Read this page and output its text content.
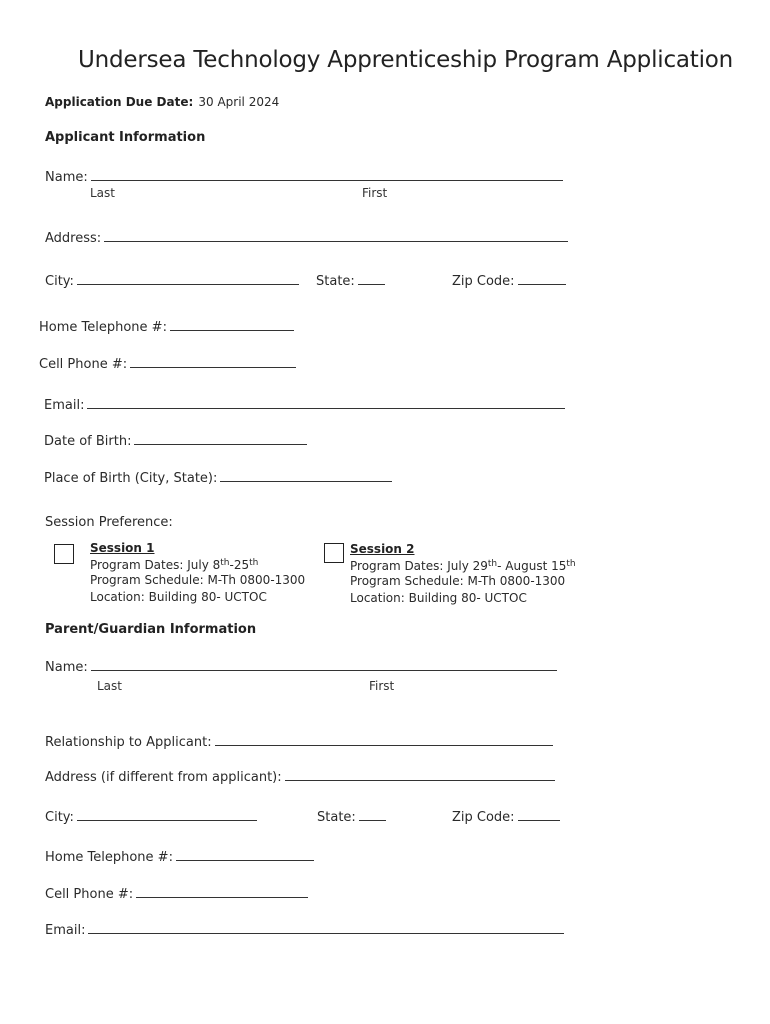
Undersea Technology Apprenticeship Program Application
Application Due Date: 30 April 2024
Applicant Information
Name:
Last	First
Address:
City:	State:	Zip Code:
Home Telephone #:
Cell Phone #:
Email:
Date of Birth:
Place of Birth (City, State):
Session Preference:
Session 1
Program Dates: July 8th-25th
Program Schedule: M-Th 0800-1300
Location: Building 80- UCTOC
Session 2
Program Dates: July 29th- August 15th
Program Schedule: M-Th 0800-1300
Location: Building 80- UCTOC
Parent/Guardian Information
Name:
Last	First
Relationship to Applicant:
Address (if different from applicant):
City:	State:	Zip Code:
Home Telephone #:
Cell Phone #:
Email:
